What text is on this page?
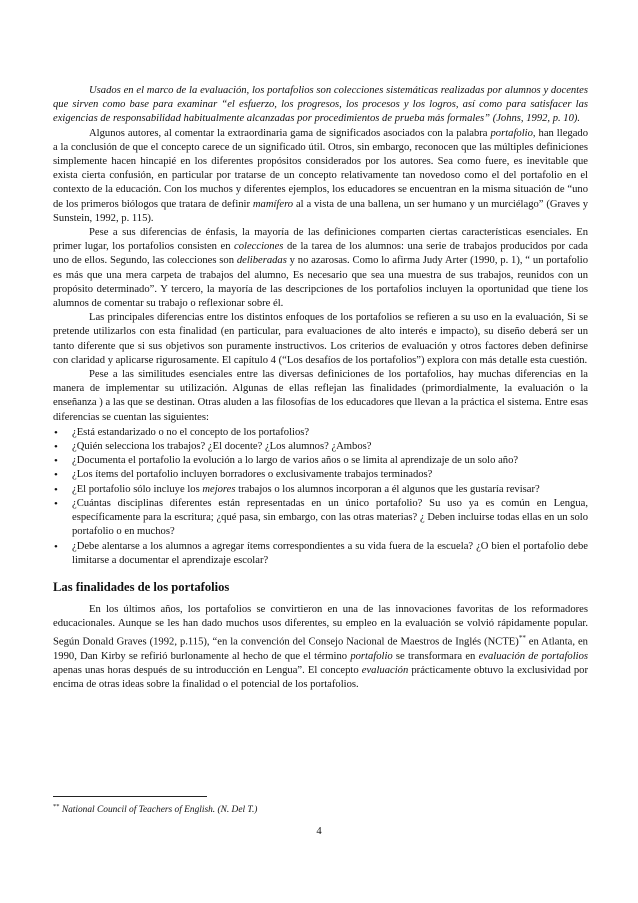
Usados en el marco de la evaluación, los portafolios son colecciones sistemáticas realizadas por alumnos y docentes que sirven como base para examinar “el esfuerzo, los progresos, los procesos y los logros, así como para satisfacer las exigencias de responsabilidad habitualmente alcanzadas por procedimientos de prueba más formales” (Johns, 1992, p. 10).

Algunos autores, al comentar la extraordinaria gama de significados asociados con la palabra portafolio, han llegado a la conclusión de que el concepto carece de un significado útil. Otros, sin embargo, reconocen que las múltiples definiciones simplemente hacen hincapié en los diferentes propósitos considerados por los autores. Sea como fuere, es inevitable que exista cierta confusión, en particular por tratarse de un concepto relativamente tan novedoso como el del portafolio en el contexto de la educación. Con los muchos y diferentes ejemplos, los educadores se encuentran en la misma situación de “uno de los primeros biólogos que tratara de definir mamífero al a vista de una ballena, un ser humano y un murciélago” (Graves y Sunstein, 1992, p. 115).

Pese a sus diferencias de énfasis, la mayoría de las definiciones comparten ciertas características esenciales. En primer lugar, los portafolios consisten en colecciones de la tarea de los alumnos: una serie de trabajos producidos por cada uno de ellos. Segundo, las colecciones son deliberadas y no azarosas. Como lo afirma Judy Arter (1990, p. 1), “ un portafolio es más que una mera carpeta de trabajos del alumno, Es necesario que sea una muestra de sus trabajos, reunidos con un propósito determinado”. Y tercero, la mayoría de las descripciones de los portafolios incluyen la oportunidad que tiene los alumnos de comentar su trabajo o reflexionar sobre él.

Las principales diferencias entre los distintos enfoques de los portafolios se refieren a su uso en la evaluación, Si se pretende utilizarlos con esta finalidad (en particular, para evaluaciones de alto interés e impacto), su diseño deberá ser un tanto diferente que si sus objetivos son puramente instructivos. Los criterios de evaluación y otros factores deben definirse con claridad y aplicarse rigurosamente. El capítulo 4 (“Los desafíos de los portafolios”) explora con más detalle esta cuestión.

Pese a las similitudes esenciales entre las diversas definiciones de los portafolios, hay muchas diferencias en la manera de implementar su utilización. Algunas de ellas reflejan las finalidades (primordialmente, la evaluación o la enseñanza ) a las que se destinan. Otras aluden a las filosofías de los educadores que llevan a la práctica el sistema. Entre esas diferencias se cuentan las siguientes:

• ¿Está estandarizado o no el concepto de los portafolios?
• ¿Quién selecciona los trabajos? ¿El docente? ¿Los alumnos? ¿Ambos?
• ¿Documenta el portafolio la evolución a lo largo de varios años o se limita al aprendizaje de un solo año?
• ¿Los ítems del portafolio incluyen borradores o exclusivamente trabajos terminados?
• ¿El portafolio sólo incluye los mejores trabajos o los alumnos incorporan a él algunos que les gustaría revisar?
• ¿Cuántas disciplinas diferentes están representadas en un único portafolio? Su uso ya es común en Lengua, específicamente para la escritura; ¿qué pasa, sin embargo, con las otras materias? ¿ Deben incluirse todas ellas en un solo portafolio o en muchos?
• ¿Debe alentarse a los alumnos a agregar ítems correspondientes a su vida fuera de la escuela? ¿O bien el portafolio debe limitarse a documentar el aprendizaje escolar?
Las finalidades de los portafolios

En los últimos años, los portafolios se convirtieron en una de las innovaciones favoritas de los reformadores educacionales. Aunque se les han dado muchos usos diferentes, su empleo en la evaluación se volvió rápidamente popular. Según Donald Graves (1992, p.115), “en la convención del Consejo Nacional de Maestros de Inglés (NCTE)** en Atlanta, en 1990, Dan Kirby se refirió burlonamente al hecho de que el término portafolio se transformara en evaluación de portafolios apenas unas horas después de su introducción en Lengua”. El concepto evaluación prácticamente obtuvo la exclusividad por encima de otras ideas sobre la finalidad o el potencial de los portafolios.

** National Council of Teachers of English. (N. Del T.)
4
